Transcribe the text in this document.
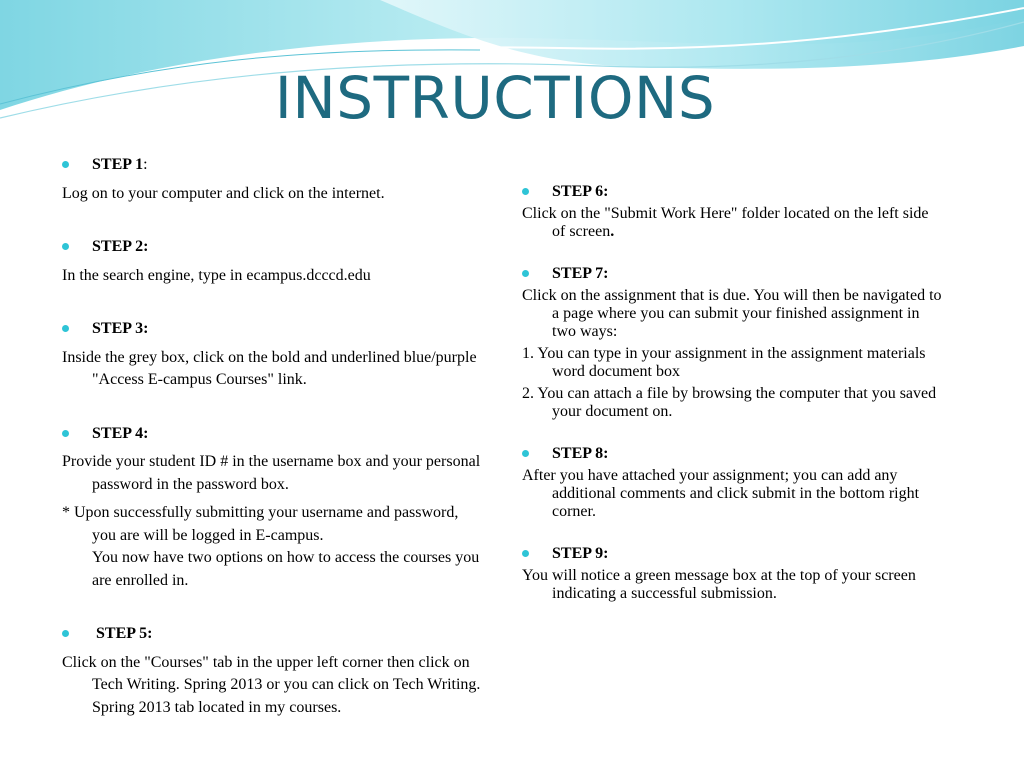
INSTRUCTIONS
STEP 1:
Log on to your computer and click on the internet.
STEP 2:
In the search engine, type in ecampus.dcccd.edu
STEP 3:
Inside the grey box, click on the bold and underlined blue/purple "Access E-campus Courses" link.
STEP 4:
Provide your student ID # in the username box and your personal password in the password box.
* Upon successfully submitting your username and password, you are will be logged in E-campus.
You now have two options on how to access the courses you are enrolled in.
STEP 5:
Click on the "Courses" tab in the upper left corner then click on Tech Writing. Spring 2013 or you can click on Tech Writing. Spring 2013 tab located in my courses.
STEP 6:
Click on the "Submit Work Here" folder located on the left side of screen.
STEP 7:
Click on the assignment that is due. You will then be navigated to a page where you can submit your finished assignment in two ways:
1. You can type in your assignment in the assignment materials word document box
2. You can attach a file by browsing the computer that you saved your document on.
STEP 8:
After you have attached your assignment; you can add any additional comments and click submit in the bottom right corner.
STEP 9:
You will notice a green message box at the top of your screen indicating a successful submission.
